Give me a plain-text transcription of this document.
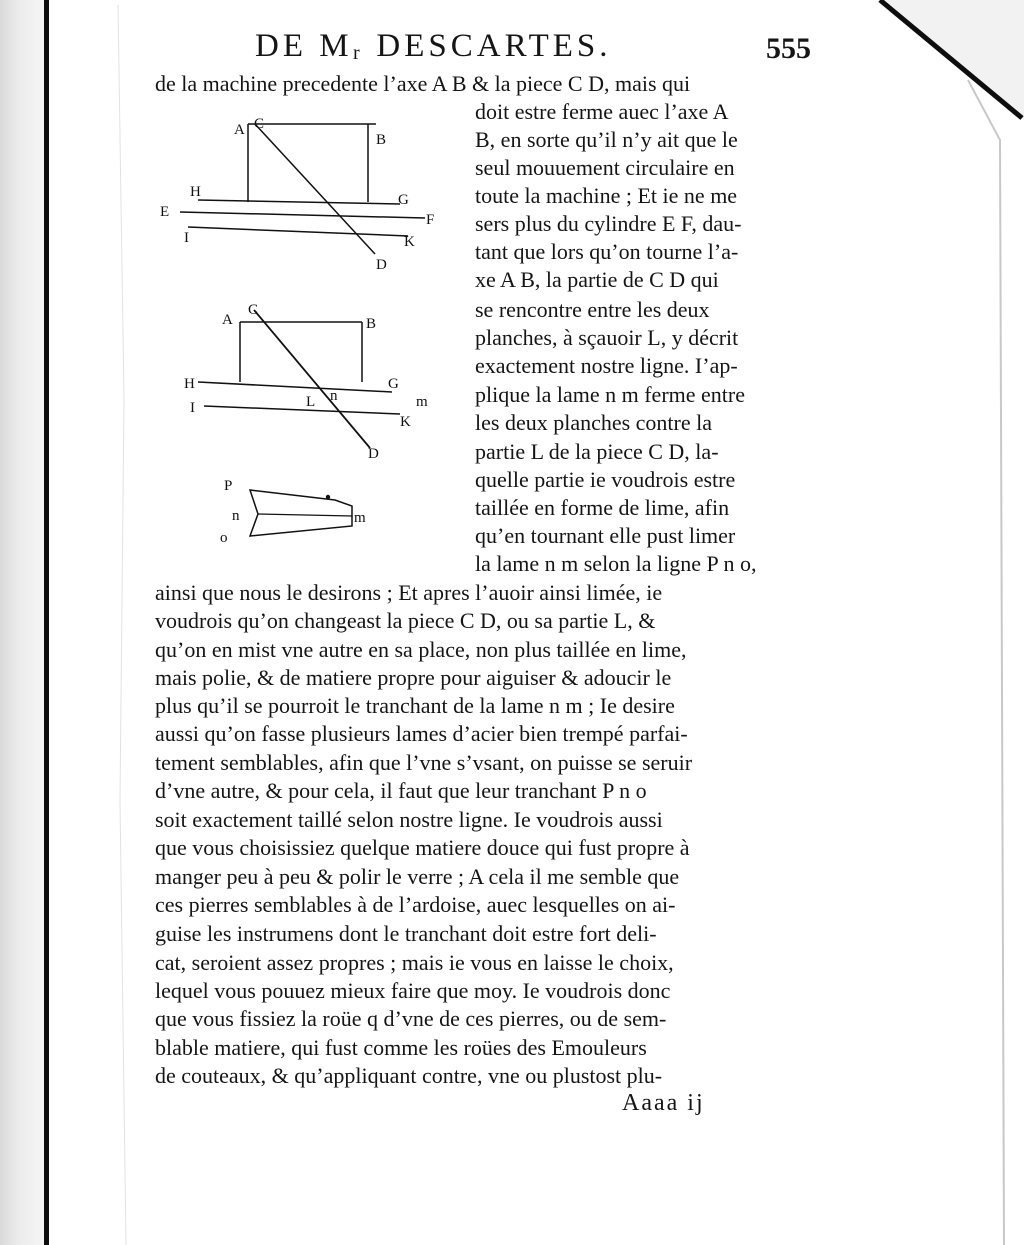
DE Mᵣ DESCARTES.	555
A C
B
H	G
E	F
I	K
D
A
C
B
H	G
I	L n	m
K
D
P
n	m
o
de la machine precedente l’axe A B & la piece C D, mais qui
doit estre ferme auec l’axe A
B, en sorte qu’il n’y ait que le
seul mouuement circulaire en
toute la machine ; Et ie ne me
sers plus du cylindre E F, dau-
tant que lors qu’on tourne l’a-
xe A B, la partie de C D qui
se rencontre entre les deux
planches, à sçauoir L, y décrit
exactement nostre ligne. I’ap-
plique la lame n m ferme entre
les deux planches contre la
partie L de la piece C D, la-
quelle partie ie voudrois estre
taillée en forme de lime, afin
qu’en tournant elle pust limer
la lame n m selon la ligne P n o,
ainsi que nous le desirons ; Et apres l’auoir ainsi limée, ie
voudrois qu’on changeast la piece C D, ou sa partie L, &
qu’on en mist vne autre en sa place, non plus taillée en lime,
mais polie, & de matiere propre pour aiguiser & adoucir le
plus qu’il se pourroit le tranchant de la lame n m ; Ie desire
aussi qu’on fasse plusieurs lames d’acier bien trempé parfai-
tement semblables, afin que l’vne s’vsant, on puisse se seruir
d’vne autre, & pour cela, il faut que leur tranchant P n o
soit exactement taillé selon nostre ligne. Ie voudrois aussi
que vous choisissiez quelque matiere douce qui fust propre à
manger peu à peu & polir le verre ; A cela il me semble que
ces pierres semblables à de l’ardoise, auec lesquelles on ai-
guise les instrumens dont le tranchant doit estre fort deli-
cat, seroient assez propres ; mais ie vous en laisse le choix,
lequel vous pouuez mieux faire que moy. Ie voudrois donc
que vous fissiez la roüe q d’vne de ces pierres, ou de sem-
blable matiere, qui fust comme les roües des Emouleurs
de couteaux, & qu’appliquant contre, vne ou plustost plu-
Aaaa ij
